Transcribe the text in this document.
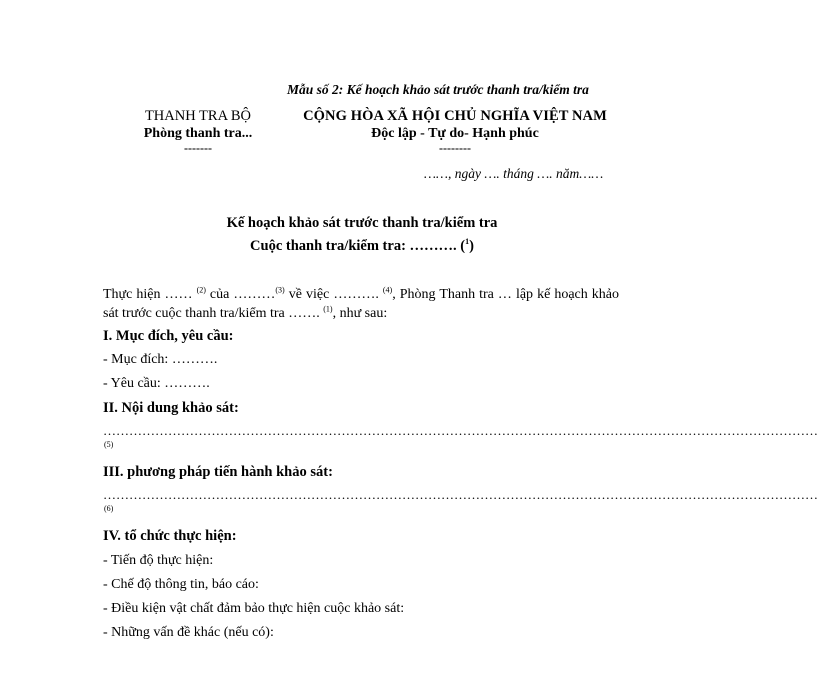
Mẫu số 2: Kế hoạch khảo sát trước thanh tra/kiểm tra
THANH TRA BỘ
Phòng thanh tra...
-------
CỘNG HÒA XÃ HỘI CHỦ NGHĨA VIỆT NAM
Độc lập - Tự do- Hạnh phúc
--------
……, ngày …. tháng …. năm……
Kế hoạch khảo sát trước thanh tra/kiểm tra
Cuộc thanh tra/kiểm tra: ………. ($^1$)
Thực hiện …… $^{(2)}$ của ………$^{(3)}$ về việc ………. $^{(4)}$, Phòng Thanh tra … lập kế hoạch khảo sát trước cuộc thanh tra/kiểm tra ……. $^{(1)}$, như sau:
I. Mục đích, yêu cầu:
- Mục đích: ……….
- Yêu cầu: ……….
II. Nội dung khảo sát:
…………………………………………………………………………………………………………………………………………………
(5)
III. phương pháp tiến hành khảo sát:
…………………………………………………………………………………………………………………………………………………
(6)
IV. tổ chức thực hiện:
- Tiến độ thực hiện:
- Chế độ thông tin, báo cáo:
- Điều kiện vật chất đảm bảo thực hiện cuộc khảo sát:
- Những vấn đề khác (nếu có):
